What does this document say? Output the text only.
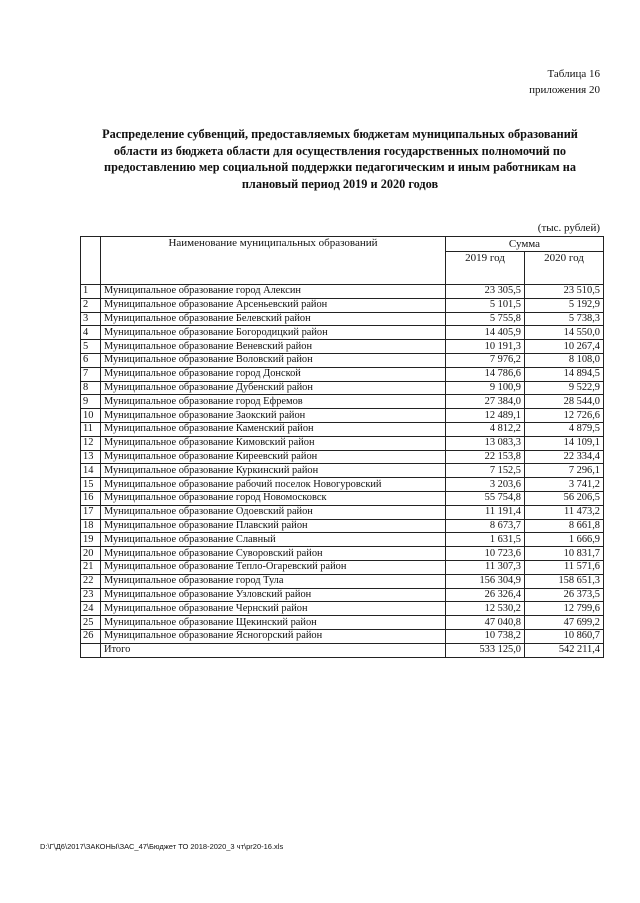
Таблица 16
приложения 20
Распределение субвенций, предоставляемых бюджетам муниципальных образований области из бюджета области для осуществления государственных полномочий по предоставлению мер социальной поддержки педагогическим и иным работникам на плановый период 2019 и 2020 годов
(тыс. рублей)
	Наименование муниципальных образований	Сумма	
		2019 год	2020 год
1	Муниципальное образование город Алексин	23 305,5	23 510,5
2	Муниципальное образование Арсеньевский район	5 101,5	5 192,9
3	Муниципальное образование Белевский район	5 755,8	5 738,3
4	Муниципальное образование Богородицкий район	14 405,9	14 550,0
5	Муниципальное образование Веневский район	10 191,3	10 267,4
6	Муниципальное образование Воловский район	7 976,2	8 108,0
7	Муниципальное образование город Донской	14 786,6	14 894,5
8	Муниципальное образование Дубенский район	9 100,9	9 522,9
9	Муниципальное образование город Ефремов	27 384,0	28 544,0
10	Муниципальное образование Заокский район	12 489,1	12 726,6
11	Муниципальное образование Каменский район	4 812,2	4 879,5
12	Муниципальное образование Кимовский район	13 083,3	14 109,1
13	Муниципальное образование Киреевский район	22 153,8	22 334,4
14	Муниципальное образование Куркинский район	7 152,5	7 296,1
15	Муниципальное образование рабочий поселок Новогуровский	3 203,6	3 741,2
16	Муниципальное образование город Новомосковск	55 754,8	56 206,5
17	Муниципальное образование Одоевский район	11 191,4	11 473,2
18	Муниципальное образование Плавский район	8 673,7	8 661,8
19	Муниципальное образование Славный	1 631,5	1 666,9
20	Муниципальное образование Суворовский район	10 723,6	10 831,7
21	Муниципальное образование Тепло-Огаревский район	11 307,3	11 571,6
22	Муниципальное образование город Тула	156 304,9	158 651,3
23	Муниципальное образование Узловский район	26 326,4	26 373,5
24	Муниципальное образование Чернский район	12 530,2	12 799,6
25	Муниципальное образование Щекинский район	47 040,8	47 699,2
26	Муниципальное образование Ясногорский район	10 738,2	10 860,7
	Итого	533 125,0	542 211,4
D:\Г\Д6\2017\ЗАКОНЫ\ЗАС_47\Бюджет ТО 2018-2020_3 чт\pr20-16.xls
